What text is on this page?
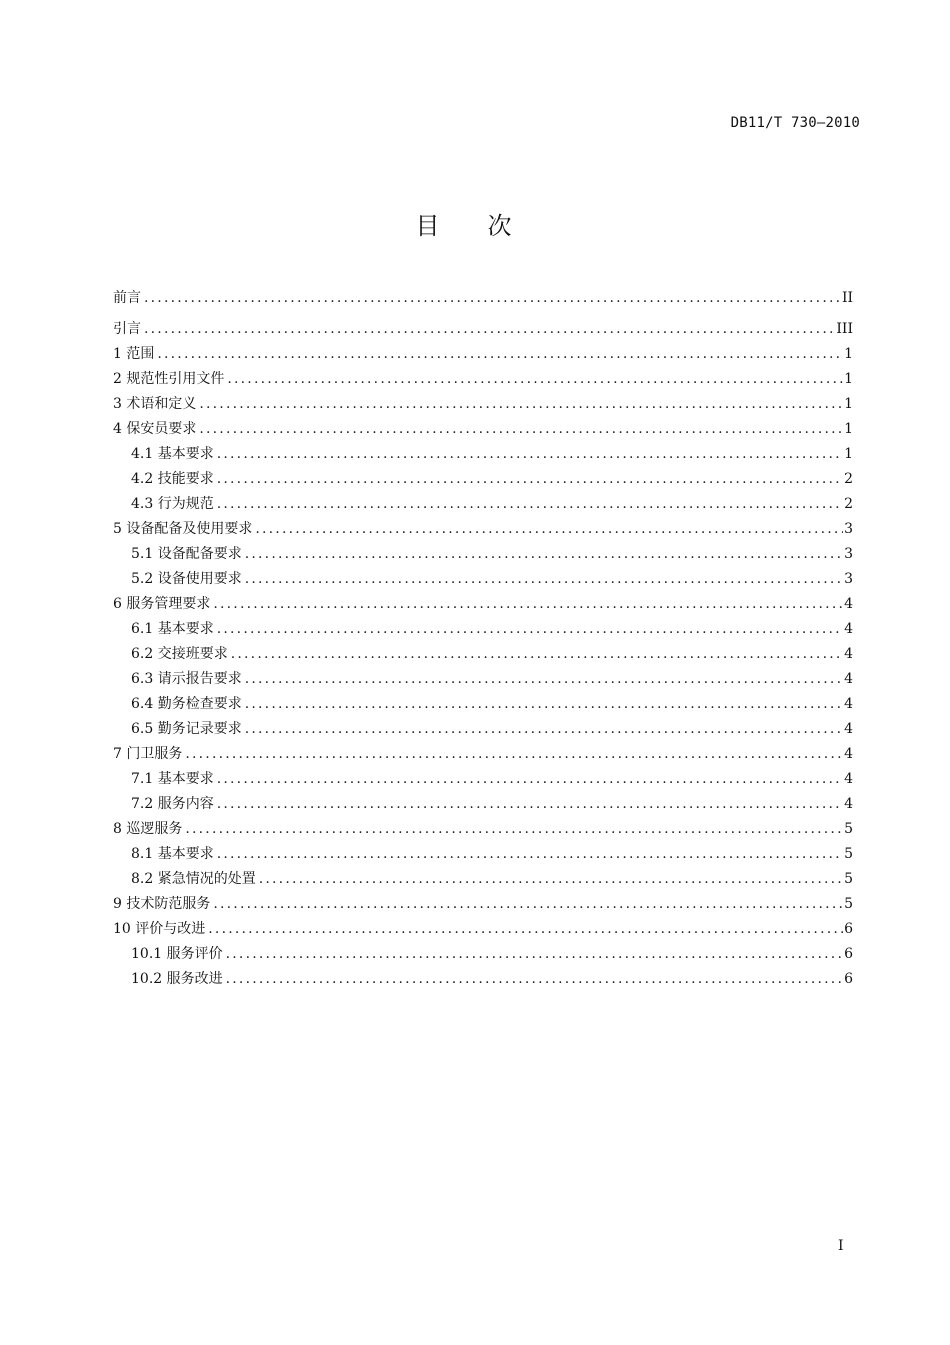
DB11/T 730—2010
目次
前言 .....	II
引言 .....	III
1 范围 .....	1
2 规范性引用文件 .....	1
3 术语和定义 .....	1
4 保安员要求 .....	1
4.1 基本要求 .....	1
4.2 技能要求 .....	2
4.3 行为规范 .....	2
5 设备配备及使用要求 .....	3
5.1 设备配备要求 .....	3
5.2 设备使用要求 .....	3
6 服务管理要求 .....	4
6.1 基本要求 .....	4
6.2 交接班要求 .....	4
6.3 请示报告要求 .....	4
6.4 勤务检查要求 .....	4
6.5 勤务记录要求 .....	4
7 门卫服务 .....	4
7.1 基本要求 .....	4
7.2 服务内容 .....	4
8 巡逻服务 .....	5
8.1 基本要求 .....	5
8.2 紧急情况的处置 .....	5
9 技术防范服务 .....	5
10 评价与改进 .....	6
10.1 服务评价 .....	6
10.2 服务改进 .....	6
I
